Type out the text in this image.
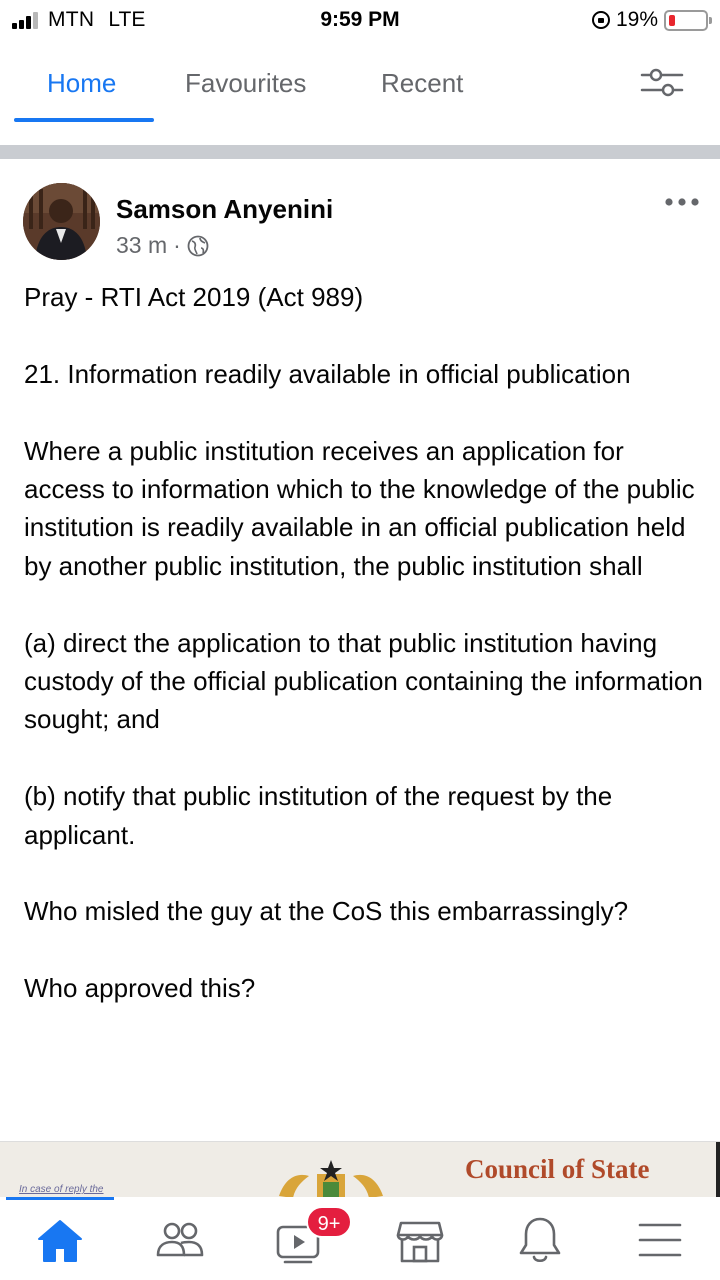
MTN LTE	9:59 PM	19%
Home	Favourites	Recent
Samson Anyenini
33 m ·

Pray - RTI Act 2019 (Act 989)

21. Information readily available in official publication

Where a public institution receives an application for access to information which to the knowledge of the public institution is readily available in an official publication held by another public institution, the public institution shall

(a) direct the application to that public institution having custody of the official publication containing the information sought; and

(b) notify that public institution of the request by the applicant.

Who misled the guy at the CoS this embarrassingly?

Who approved this?

In case of reply the
Council of State
9+
